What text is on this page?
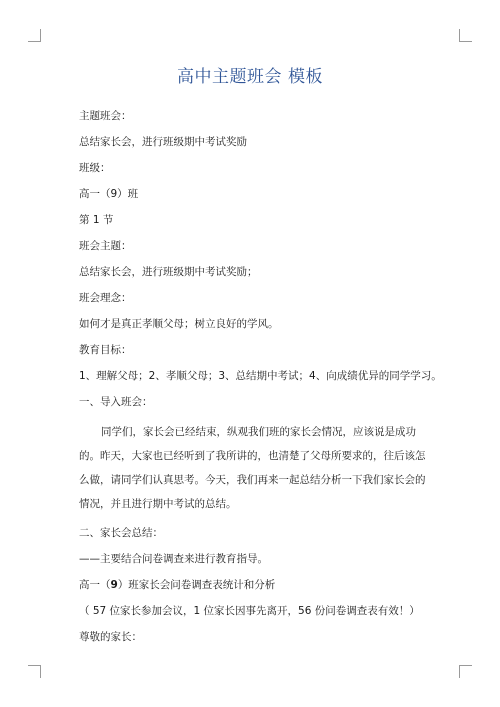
高中主题班会 模板

主题班会：

总结家长会，进行班级期中考试奖励

班级：

高一（9）班

第 1 节

班会主题：

总结家长会，进行班级期中考试奖励；

班会理念：

如何才是真正孝顺父母；树立良好的学风。

教育目标：

1、理解父母；2、孝顺父母；3、总结期中考试；4、向成绩优异的同学学习。

一、导入班会：

同学们，家长会已经结束，纵观我们班的家长会情况，应该说是成功的。昨天，大家也已经听到了我所讲的，也清楚了父母所要求的，往后该怎么做，请同学们认真思考。今天，我们再来一起总结分析一下我们家长会的情况，并且进行期中考试的总结。

二、家长会总结：

——主要结合问卷调查来进行教育指导。

高一（9）班家长会问卷调查表统计和分析

（ 57 位家长参加会议，1 位家长因事先离开，56 份问卷调查表有效！）

尊敬的家长：
